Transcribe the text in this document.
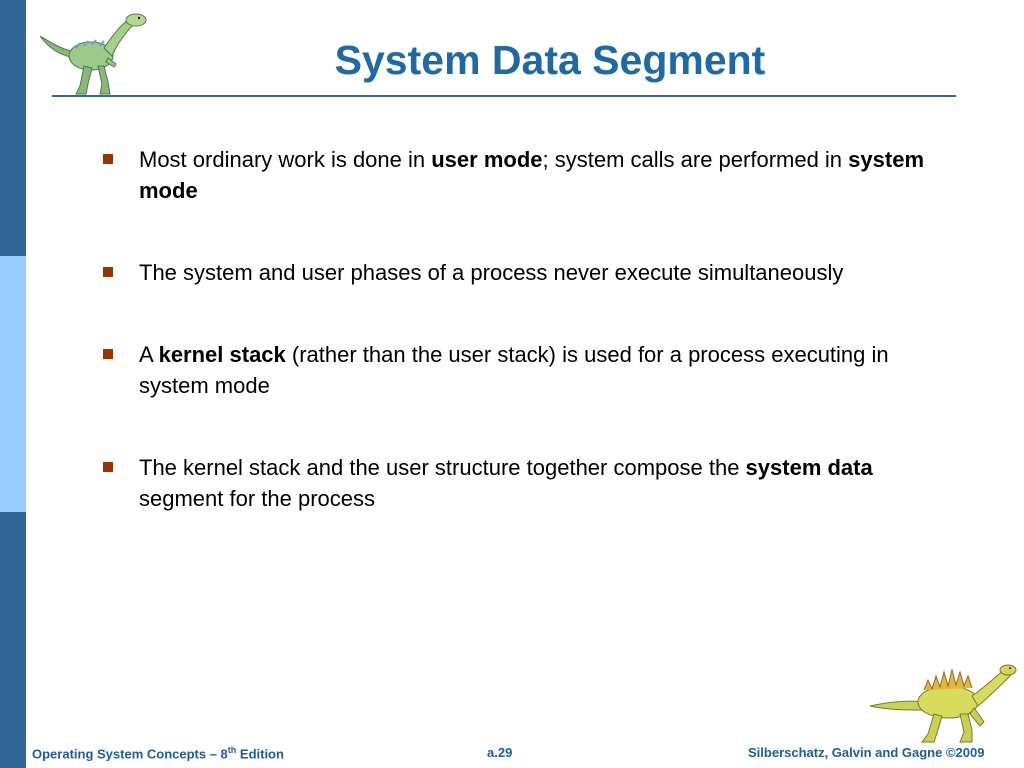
System Data Segment
Most ordinary work is done in user mode; system calls are performed in system mode
The system and user phases of a process never execute simultaneously
A kernel stack (rather than the user stack) is used for a process executing in system mode
The kernel stack and the user structure together compose the system data segment for the process
Operating System Concepts – 8th Edition	a.29	Silberschatz, Galvin and Gagne ©2009
